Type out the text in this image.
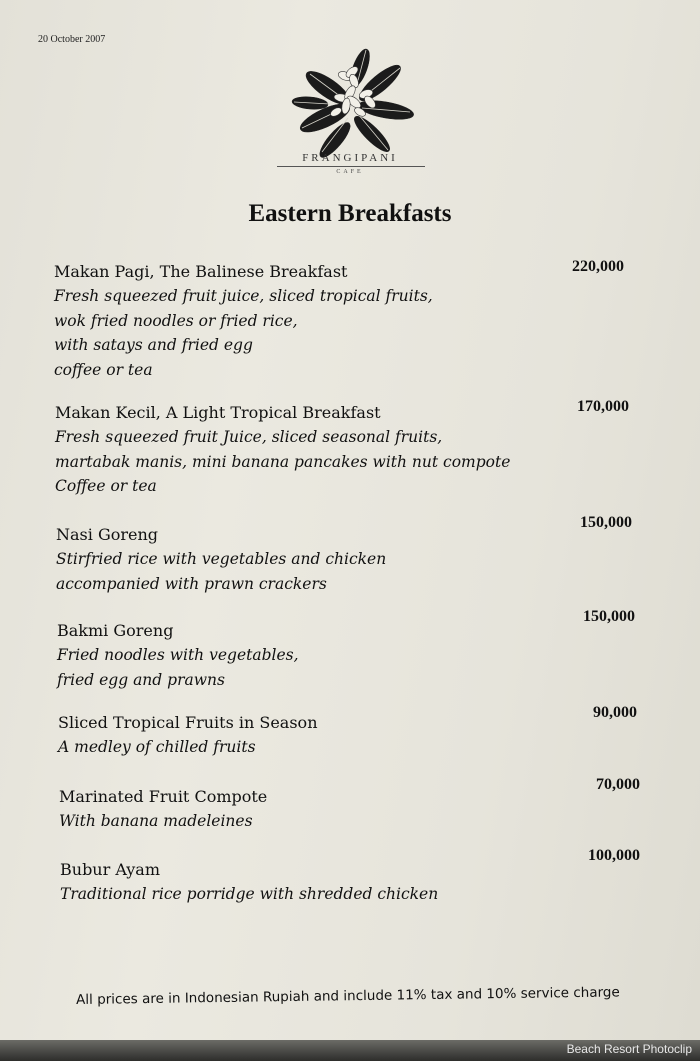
20 October 2007
FRANGIPANI
CAFE
Eastern Breakfasts
Makan Pagi, The Balinese Breakfast
Fresh squeezed fruit juice, sliced tropical fruits,
wok fried noodles or fried rice,
with satays and fried egg
coffee or tea
220,000
Makan Kecil, A Light Tropical Breakfast
Fresh squeezed fruit Juice, sliced seasonal fruits,
martabak manis, mini banana pancakes with nut compote
Coffee or tea
170,000
Nasi Goreng
Stirfried rice with vegetables and chicken
accompanied with prawn crackers
150,000
Bakmi Goreng
Fried noodles with vegetables,
fried egg and prawns
150,000
Sliced Tropical Fruits in Season
A medley of chilled fruits
90,000
Marinated Fruit Compote
With banana madeleines
70,000
Bubur Ayam
Traditional rice porridge with shredded chicken
100,000
All prices are in Indonesian Rupiah and include 11% tax and 10% service charge
Beach Resort Photoclip
